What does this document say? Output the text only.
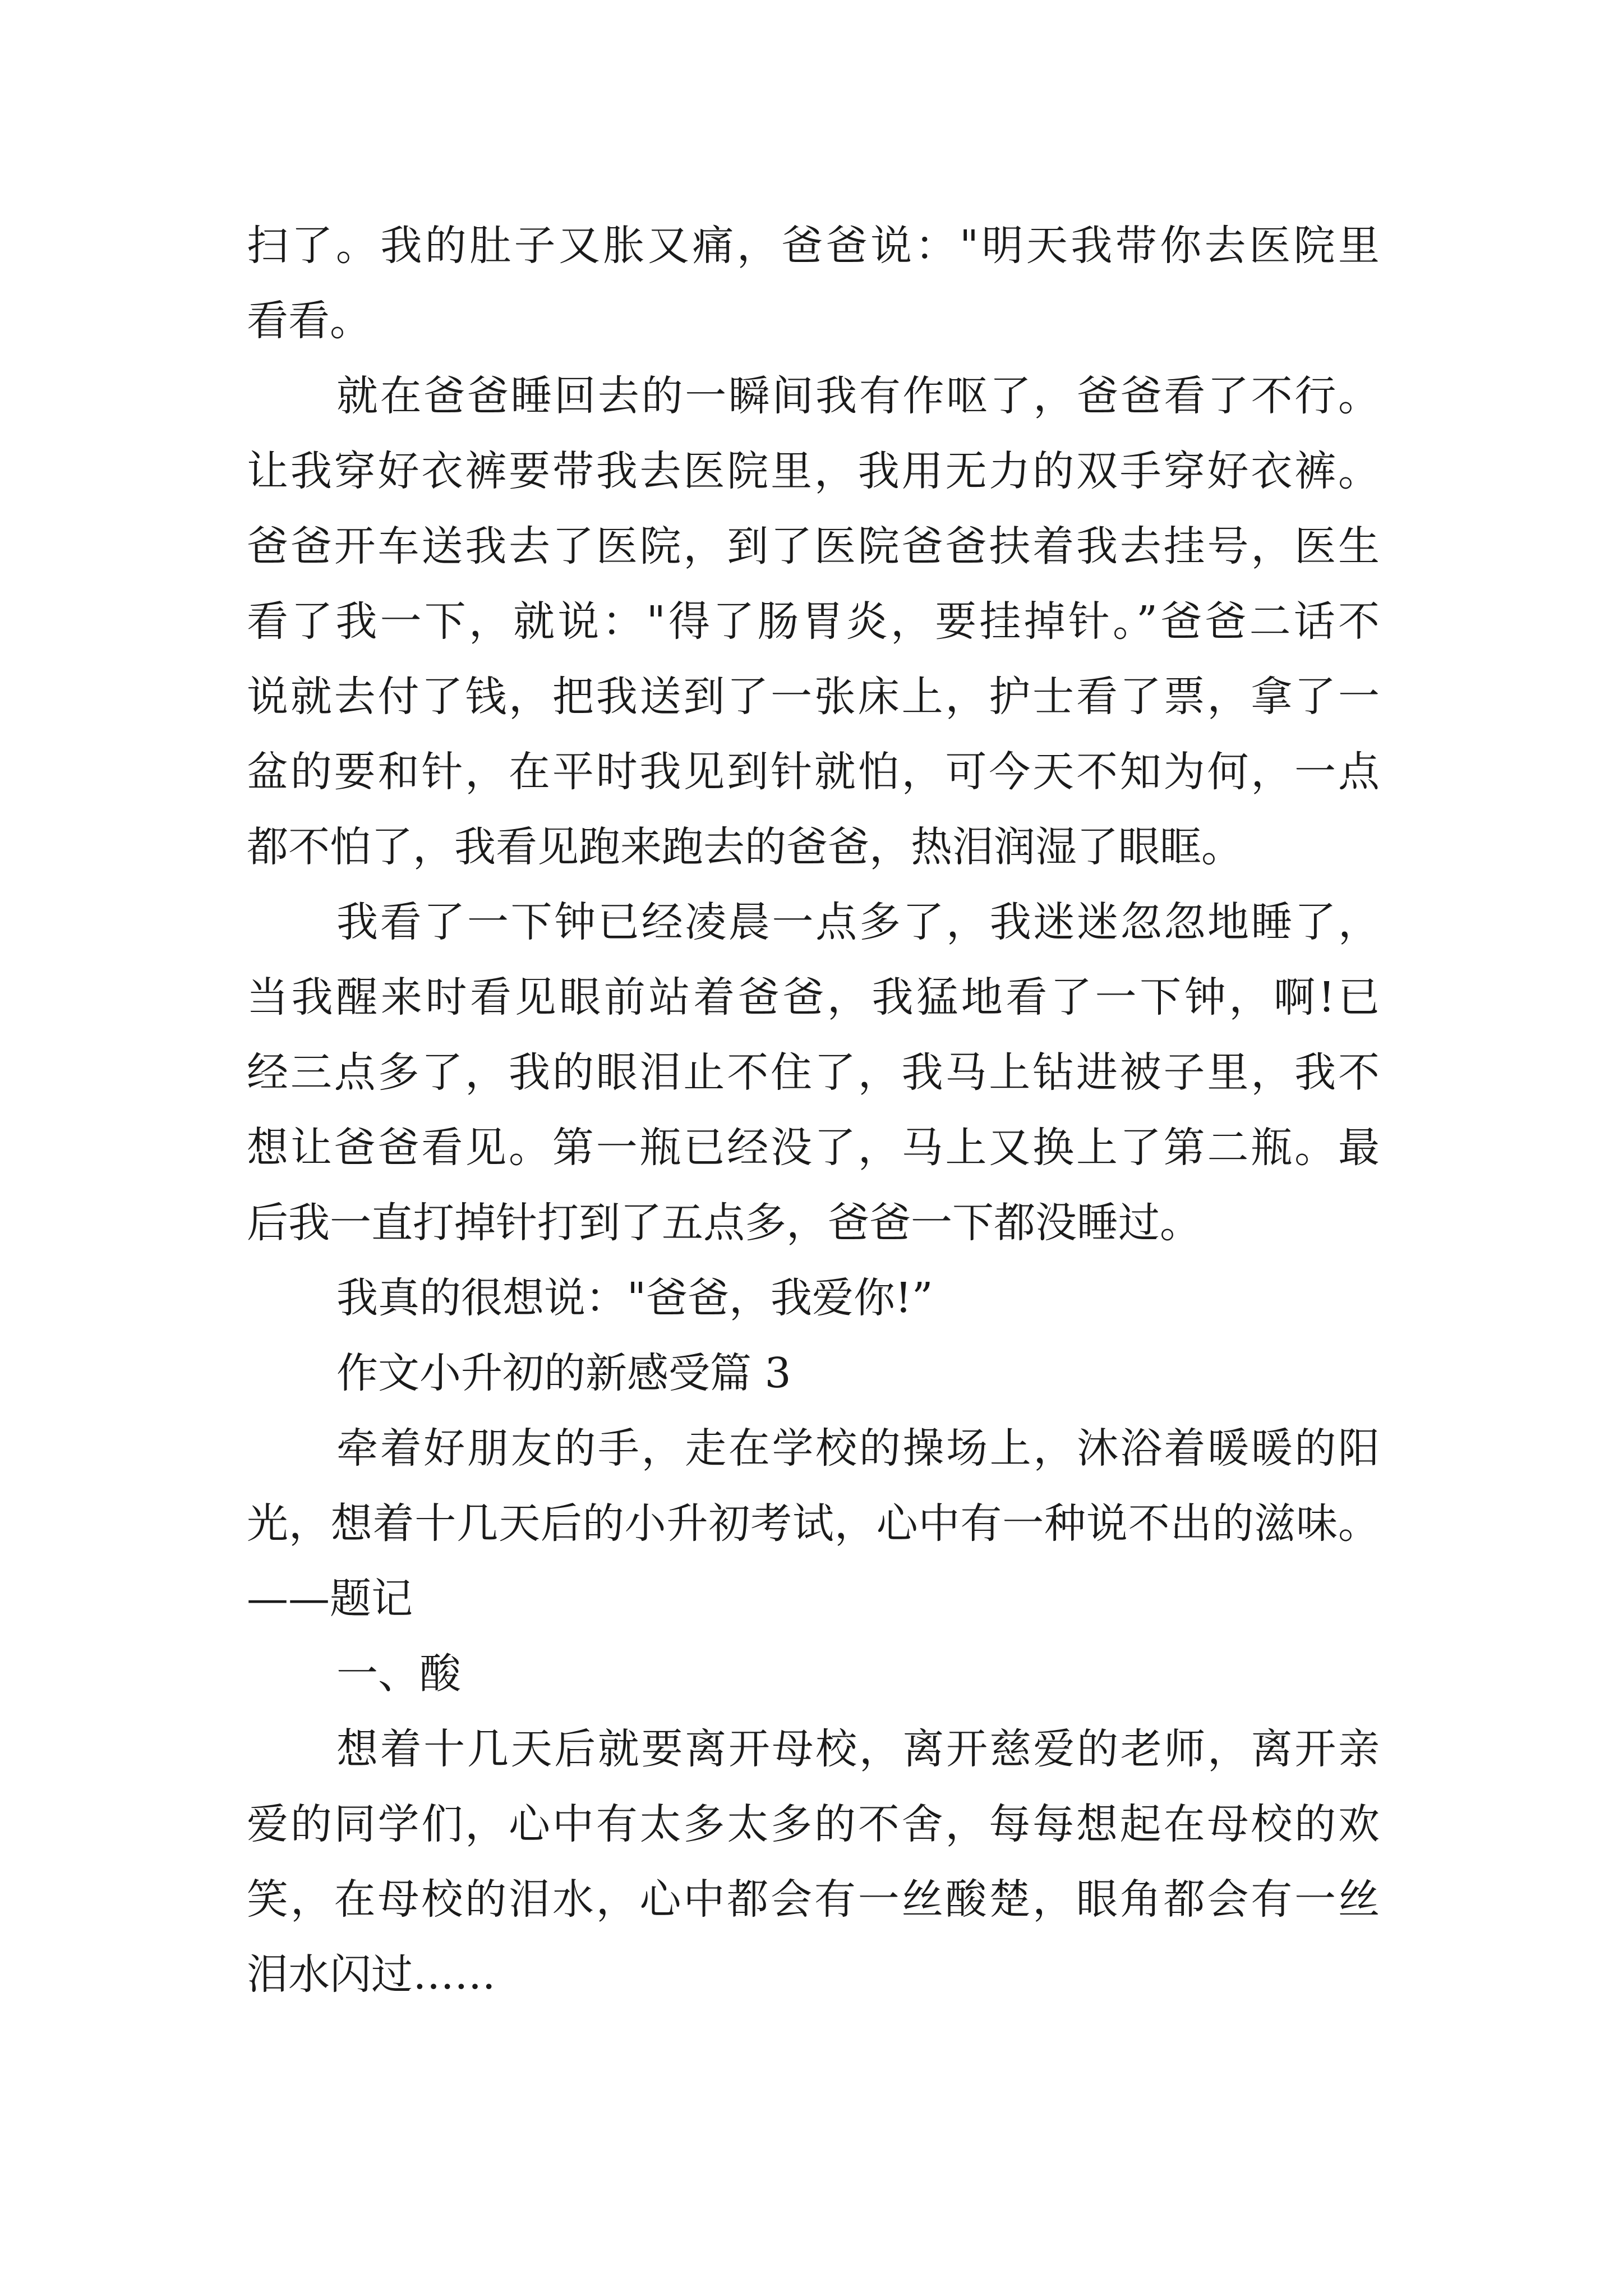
扫了。我的肚子又胀又痛，爸爸说："明天我带你去医院里

看看。

就在爸爸睡回去的一瞬间我有作呕了，爸爸看了不行。

让我穿好衣裤要带我去医院里，我用无力的双手穿好衣裤。

爸爸开车送我去了医院，到了医院爸爸扶着我去挂号，医生

看了我一下，就说："得了肠胃炎，要挂掉针。”爸爸二话不

说就去付了钱，把我送到了一张床上，护士看了票，拿了一

盆的要和针，在平时我见到针就怕，可今天不知为何，一点

都不怕了，我看见跑来跑去的爸爸，热泪润湿了眼眶。

我看了一下钟已经凌晨一点多了，我迷迷忽忽地睡了，

当我醒来时看见眼前站着爸爸，我猛地看了一下钟，啊!已

经三点多了，我的眼泪止不住了，我马上钻进被子里，我不

想让爸爸看见。第一瓶已经没了，马上又换上了第二瓶。最

后我一直打掉针打到了五点多，爸爸一下都没睡过。

我真的很想说："爸爸，我爱你!”

作文小升初的新感受篇 3

牵着好朋友的手，走在学校的操场上，沐浴着暖暖的阳

光，想着十几天后的小升初考试，心中有一种说不出的滋味。

——题记

一、酸

想着十几天后就要离开母校，离开慈爱的老师，离开亲

爱的同学们，心中有太多太多的不舍，每每想起在母校的欢

笑，在母校的泪水，心中都会有一丝酸楚，眼角都会有一丝

泪水闪过……
